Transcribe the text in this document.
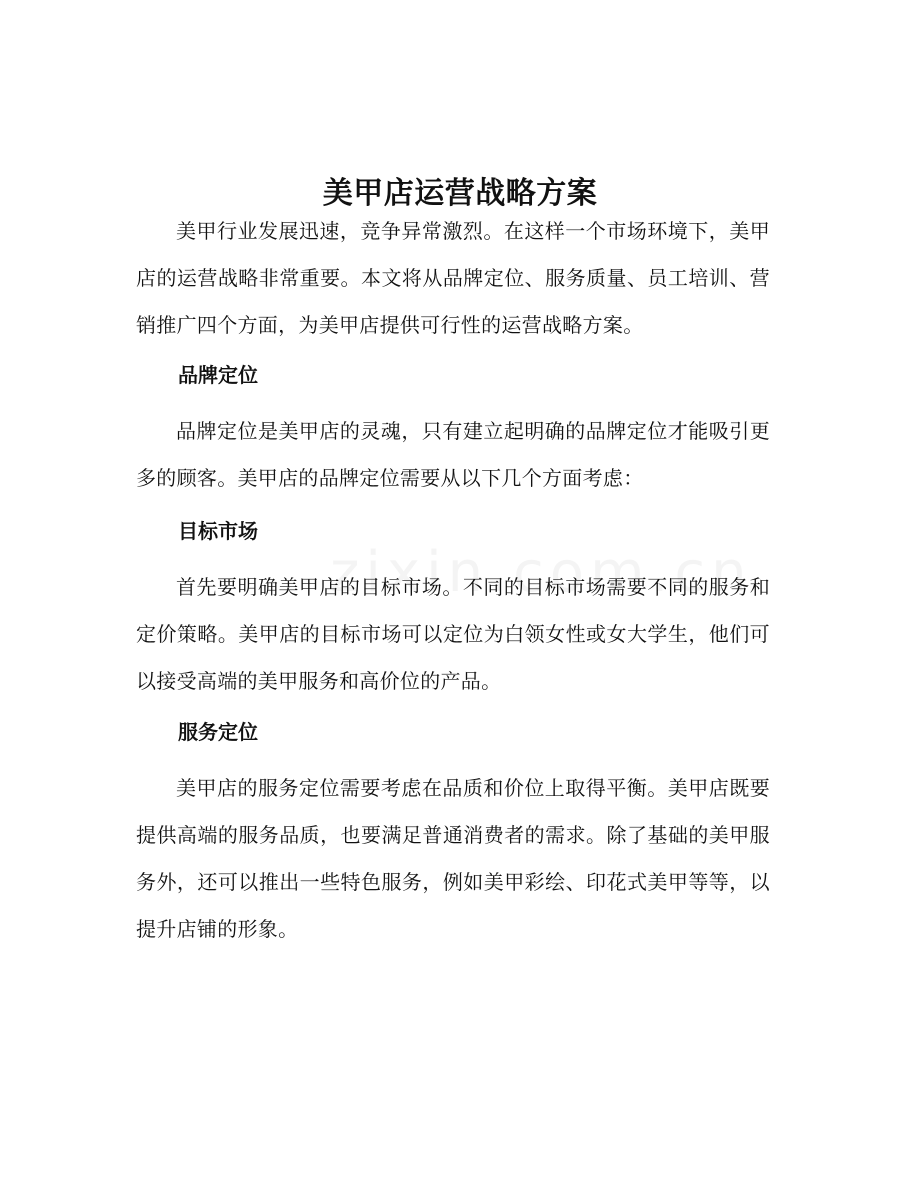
美甲店运营战略方案

美甲行业发展迅速，竞争异常激烈。在这样一个市场环境下，美甲店的运营战略非常重要。本文将从品牌定位、服务质量、员工培训、营销推广四个方面，为美甲店提供可行性的运营战略方案。

品牌定位

品牌定位是美甲店的灵魂，只有建立起明确的品牌定位才能吸引更多的顾客。美甲店的品牌定位需要从以下几个方面考虑：

目标市场

首先要明确美甲店的目标市场。不同的目标市场需要不同的服务和定价策略。美甲店的目标市场可以定位为白领女性或女大学生，他们可以接受高端的美甲服务和高价位的产品。

服务定位

美甲店的服务定位需要考虑在品质和价位上取得平衡。美甲店既要提供高端的服务品质，也要满足普通消费者的需求。除了基础的美甲服务外，还可以推出一些特色服务，例如美甲彩绘、印花式美甲等等，以提升店铺的形象。
